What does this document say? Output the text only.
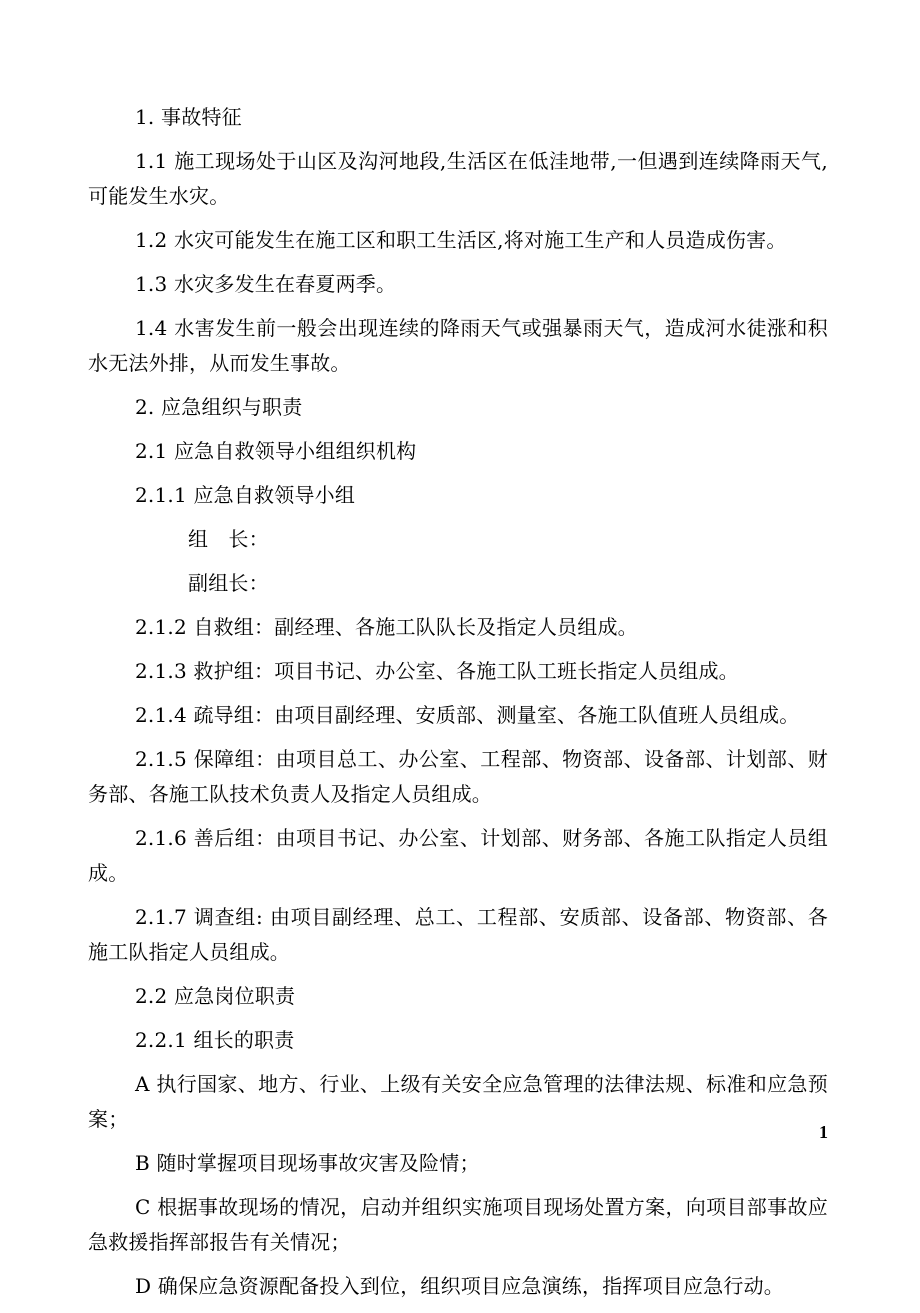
1. 事故特征

1.1 施工现场处于山区及沟河地段,生活区在低洼地带,一但遇到连续降雨天气,可能发生水灾。

1.2 水灾可能发生在施工区和职工生活区,将对施工生产和人员造成伤害。

1.3 水灾多发生在春夏两季。

1.4 水害发生前一般会出现连续的降雨天气或强暴雨天气，造成河水徒涨和积水无法外排，从而发生事故。

2. 应急组织与职责

2.1 应急自救领导小组组织机构

2.1.1 应急自救领导小组

组　长：

副组长：

2.1.2 自救组：副经理、各施工队队长及指定人员组成。

2.1.3 救护组：项目书记、办公室、各施工队工班长指定人员组成。

2.1.4 疏导组：由项目副经理、安质部、测量室、各施工队值班人员组成。

2.1.5 保障组：由项目总工、办公室、工程部、物资部、设备部、计划部、财务部、各施工队技术负责人及指定人员组成。

2.1.6 善后组：由项目书记、办公室、计划部、财务部、各施工队指定人员组成。

2.1.7 调查组: 由项目副经理、总工、工程部、安质部、设备部、物资部、各施工队指定人员组成。

2.2 应急岗位职责

2.2.1 组长的职责

A 执行国家、地方、行业、上级有关安全应急管理的法律法规、标准和应急预案；

B 随时掌握项目现场事故灾害及险情；

C 根据事故现场的情况，启动并组织实施项目现场处置方案，向项目部事故应急救援指挥部报告有关情况；

D 确保应急资源配备投入到位，组织项目应急演练，指挥项目应急行动。

1
